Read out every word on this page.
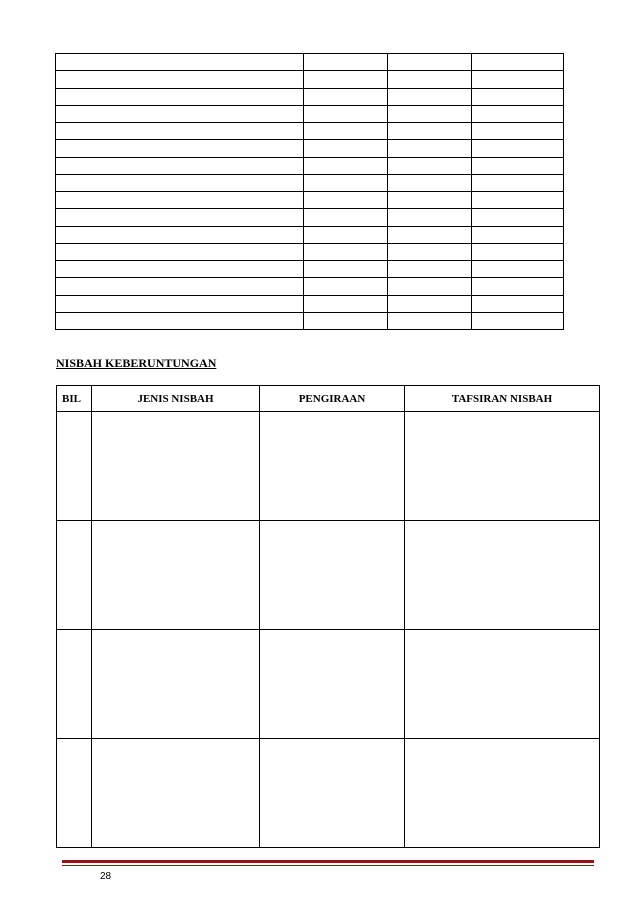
NISBAH KEBERUNTUNGAN
BIL	JENIS NISBAH	PENGIRAAN	TAFSIRAN NISBAH

28
